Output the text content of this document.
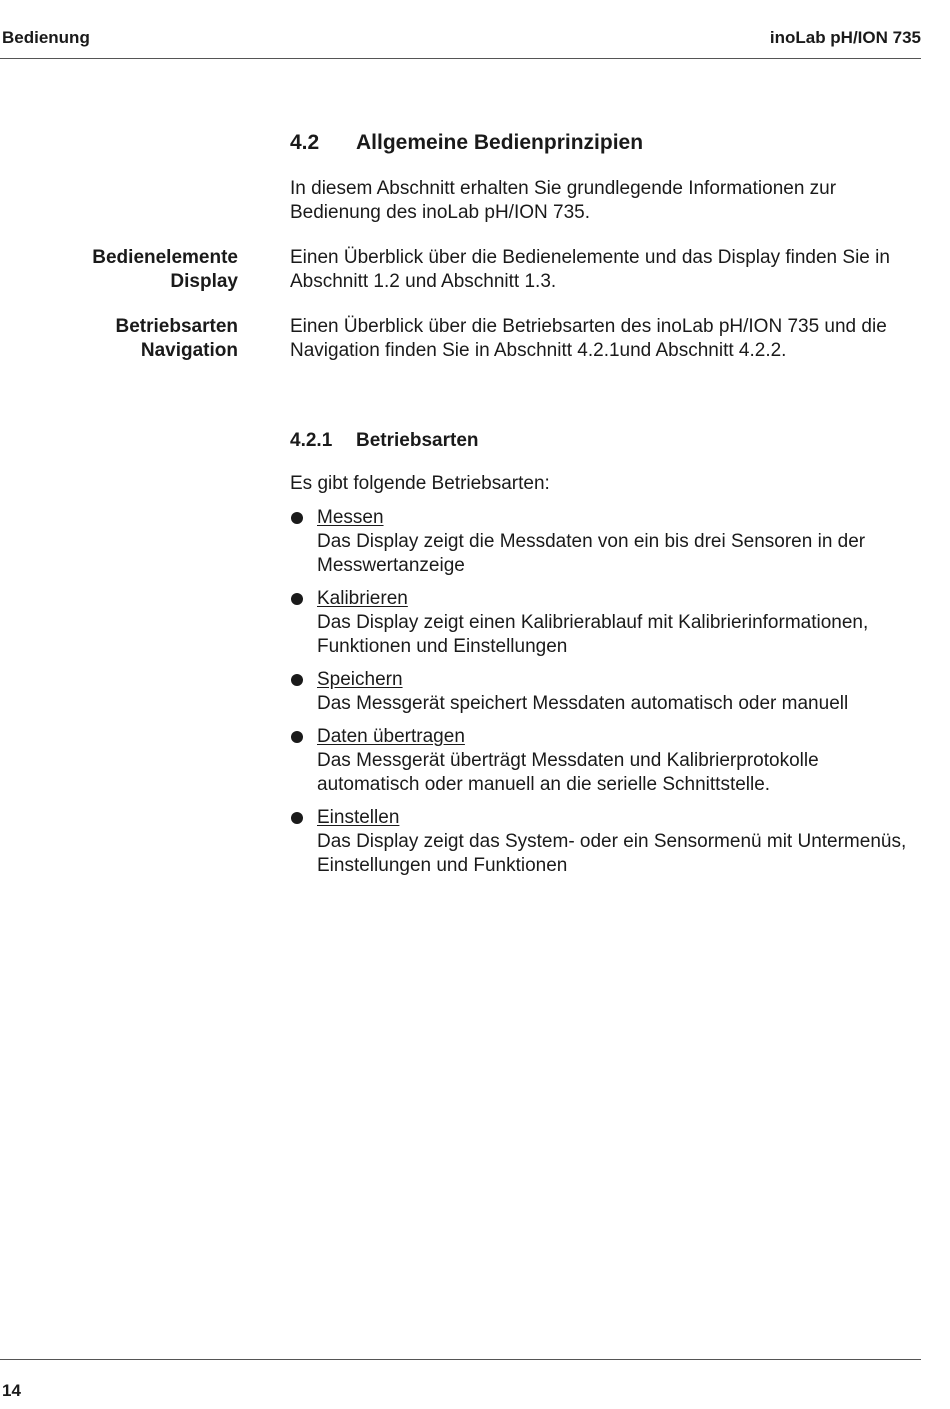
Bedienung	inoLab pH/ION 735
4.2 Allgemeine Bedienprinzipien
In diesem Abschnitt erhalten Sie grundlegende Informationen zur Bedienung des inoLab pH/ION 735.
Bedienelemente
Display
Einen Überblick über die Bedienelemente und das Display finden Sie in Abschnitt 1.2 und Abschnitt 1.3.
Betriebsarten
Navigation
Einen Überblick über die Betriebsarten des inoLab pH/ION 735 und die Navigation finden Sie in Abschnitt 4.2.1und Abschnitt 4.2.2.
4.2.1 Betriebsarten
Es gibt folgende Betriebsarten:
Messen
Das Display zeigt die Messdaten von ein bis drei Sensoren in der Messwertanzeige
Kalibrieren
Das Display zeigt einen Kalibrierablauf mit Kalibrierinformationen, Funktionen und Einstellungen
Speichern
Das Messgerät speichert Messdaten automatisch oder manuell
Daten übertragen
Das Messgerät überträgt Messdaten und Kalibrierprotokolle automatisch oder manuell an die serielle Schnittstelle.
Einstellen
Das Display zeigt das System- oder ein Sensormenü mit Untermenüs, Einstellungen und Funktionen
14
